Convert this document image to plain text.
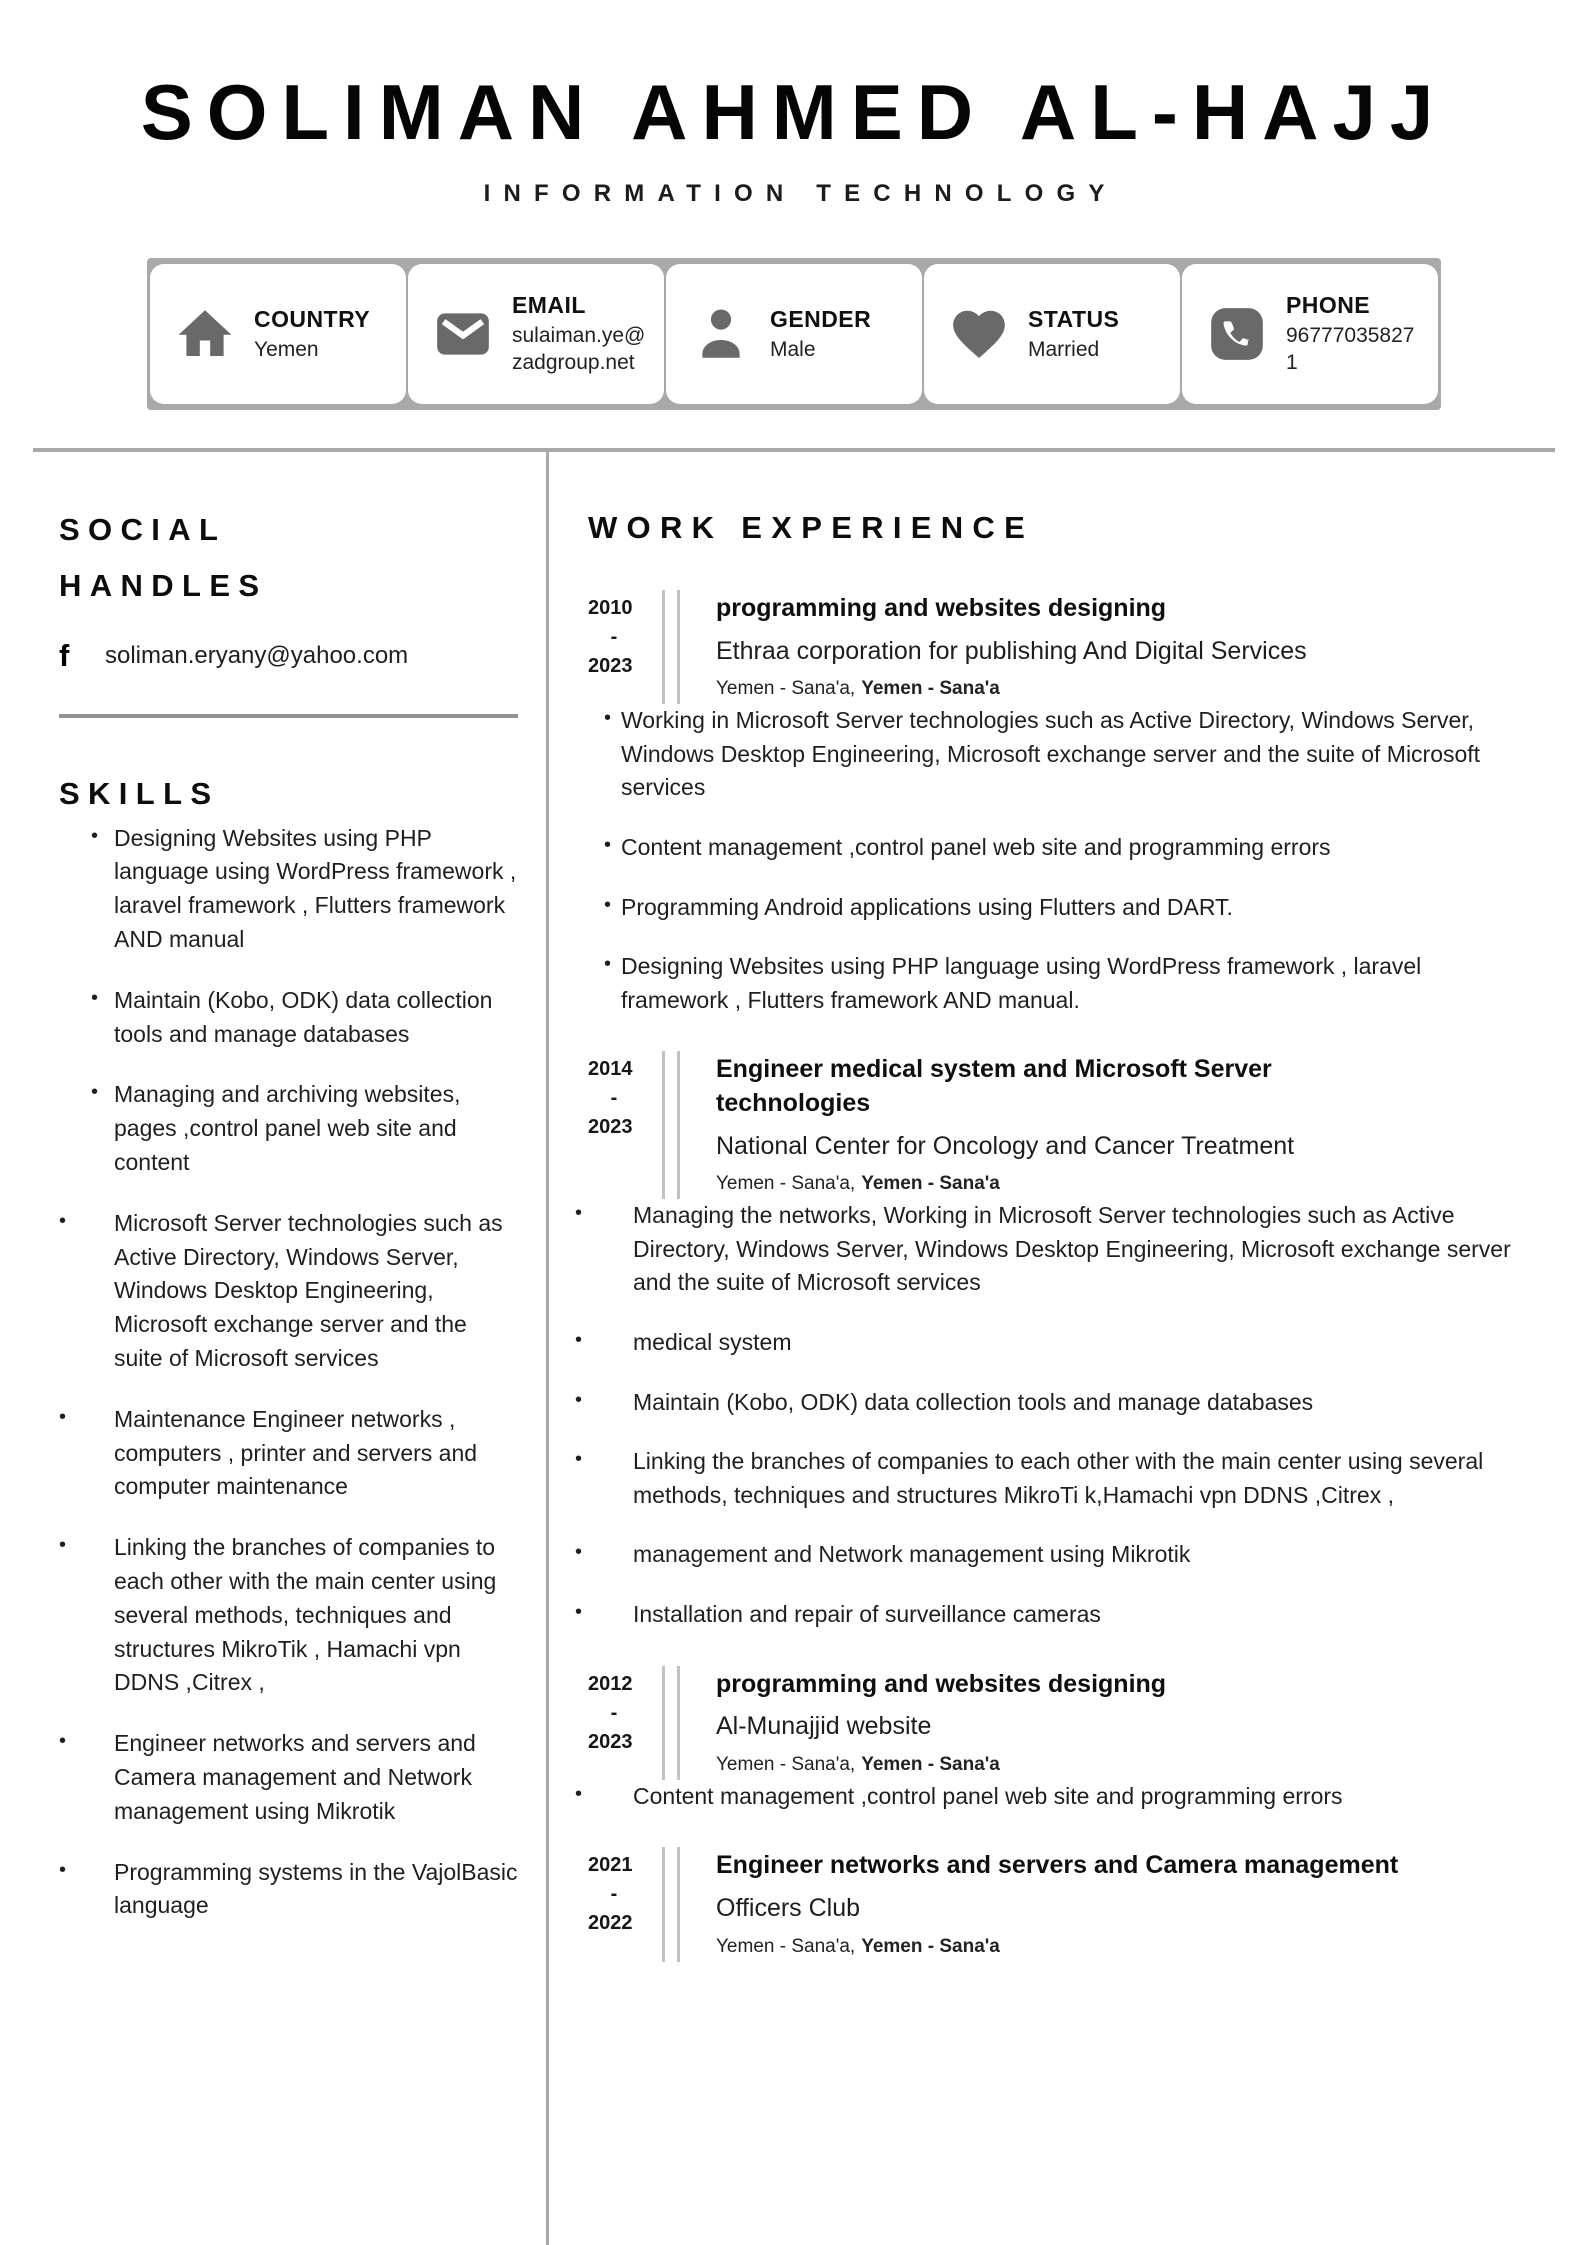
SOLIMAN AHMED AL-HAJJ
INFORMATION TECHNOLOGY
COUNTRY
Yemen
EMAIL
sulaiman.ye@zadgroup.net
GENDER
Male
STATUS
Married
PHONE
967770358271
SOCIAL HANDLES
f
soliman.eryany@yahoo.com
SKILLS
•
Designing Websites using PHP language using WordPress framework , laravel framework , Flutters framework AND manual
•
Maintain (Kobo, ODK) data collection tools and manage databases
•
Managing and archiving websites, pages ,control panel web site and content
•
Microsoft Server technologies such as Active Directory, Windows Server, Windows Desktop Engineering, Microsoft exchange server and the suite of Microsoft services
•
Maintenance Engineer networks , computers , printer and servers and computer maintenance
•
Linking the branches of companies to each other with the main center using several methods, techniques and structures MikroTik , Hamachi vpn DDNS ,Citrex ,
•
Engineer networks and servers and Camera management and Network management using Mikrotik
•
Programming systems in the VajolBasic language
WORK EXPERIENCE
2010
-
2023
programming and websites designing
Ethraa corporation for publishing And Digital Services
Yemen - Sana'a, Yemen - Sana'a
•
Working in Microsoft Server technologies such as Active Directory, Windows Server, Windows Desktop Engineering, Microsoft exchange server and the suite of Microsoft services
•
Content management ,control panel web site and programming errors
•
Programming Android applications using Flutters and DART.
•
Designing Websites using PHP language using WordPress framework , laravel framework , Flutters framework AND manual.
2014
-
2023
Engineer medical system and Microsoft Server technologies
National Center for Oncology and Cancer Treatment
Yemen - Sana'a, Yemen - Sana'a
•
Managing the networks, Working in Microsoft Server technologies such as Active Directory, Windows Server, Windows Desktop Engineering, Microsoft exchange server and the suite of Microsoft services
•
medical system
•
Maintain (Kobo, ODK) data collection tools and manage databases
•
Linking the branches of companies to each other with the main center using several methods, techniques and structures MikroTi k,Hamachi vpn DDNS ,Citrex ,
•
management and Network management using Mikrotik
•
Installation and repair of surveillance cameras
2012
-
2023
programming and websites designing
Al-Munajjid website
Yemen - Sana'a, Yemen - Sana'a
•
Content management ,control panel web site and programming errors
2021
-
2022
Engineer networks and servers and Camera management
Officers Club
Yemen - Sana'a, Yemen - Sana'a
